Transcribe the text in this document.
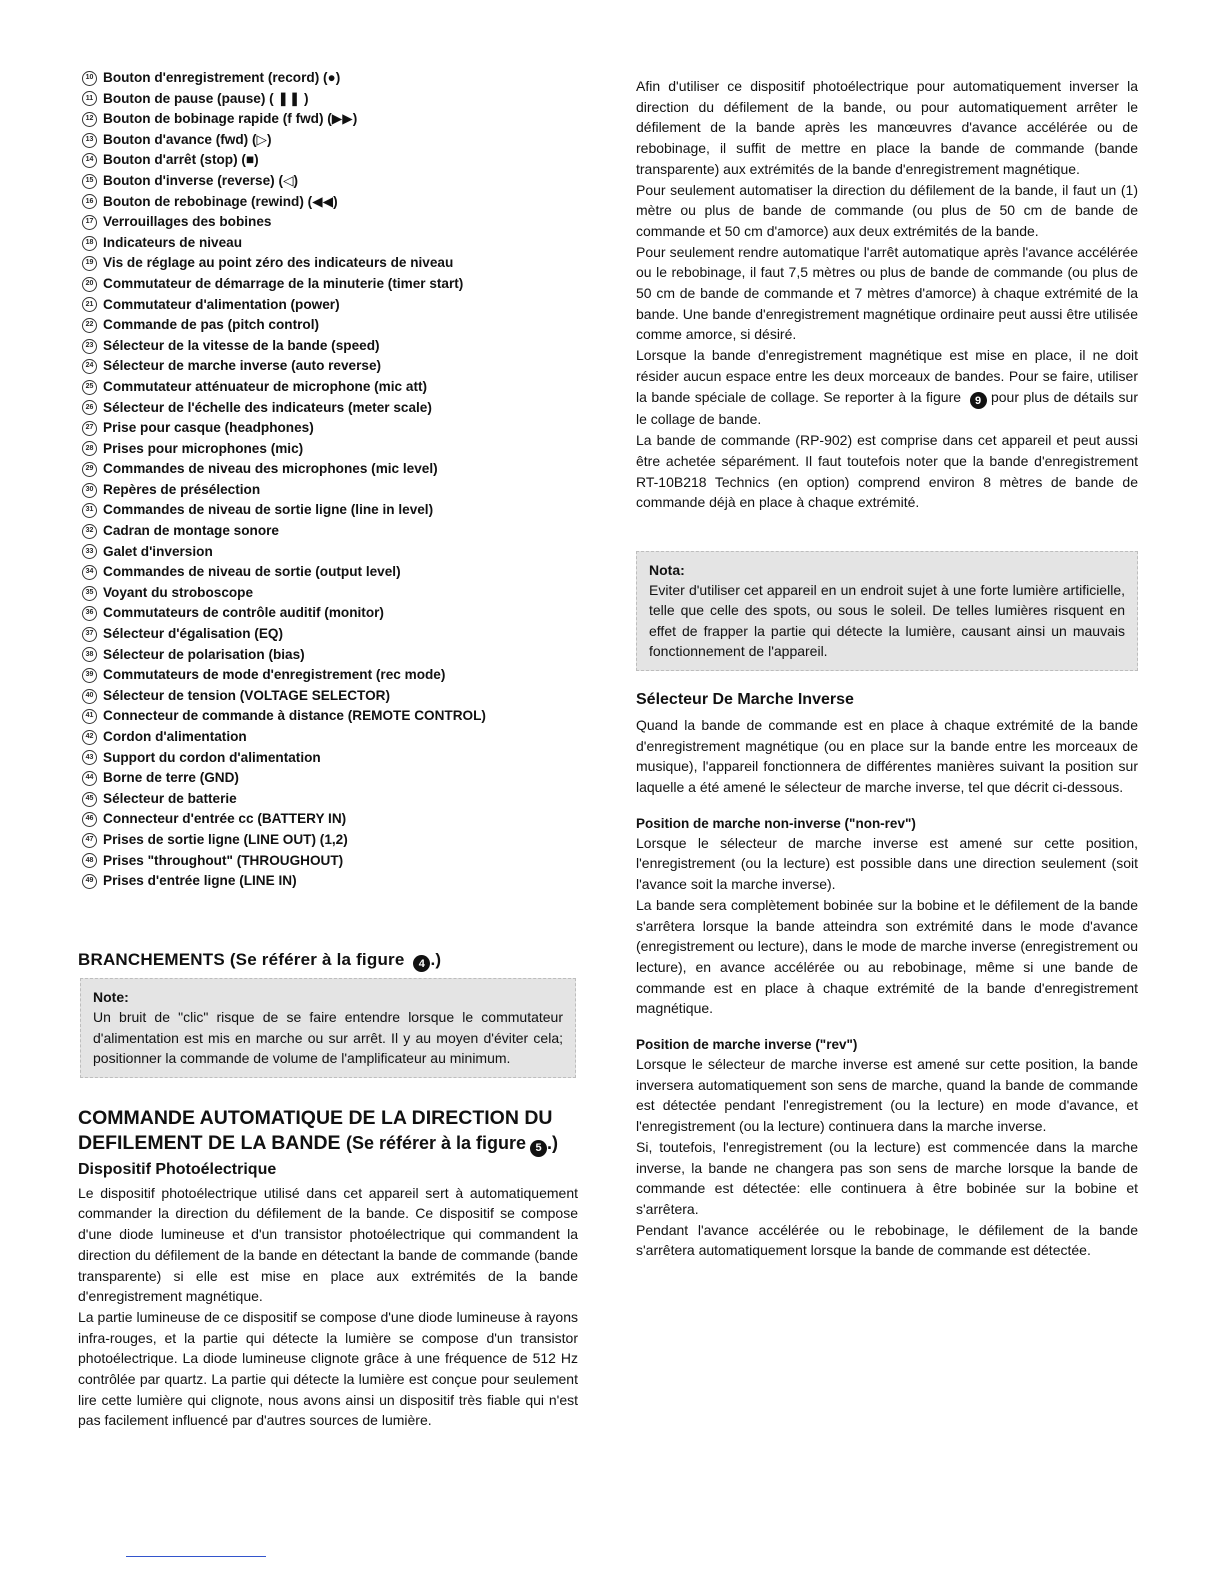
10 Bouton d'enregistrement (record) (●)
11 Bouton de pause (pause) ( ❚❚ )
12 Bouton de bobinage rapide (f fwd) (▶▶)
13 Bouton d'avance (fwd) (▷)
14 Bouton d'arrêt (stop) (■)
15 Bouton d'inverse (reverse) (◁)
16 Bouton de rebobinage (rewind) (◀◀)
17 Verrouillages des bobines
18 Indicateurs de niveau
19 Vis de réglage au point zéro des indicateurs de niveau
20 Commutateur de démarrage de la minuterie (timer start)
21 Commutateur d'alimentation (power)
22 Commande de pas (pitch control)
23 Sélecteur de la vitesse de la bande (speed)
24 Sélecteur de marche inverse (auto reverse)
25 Commutateur atténuateur de microphone (mic att)
26 Sélecteur de l'échelle des indicateurs (meter scale)
27 Prise pour casque (headphones)
28 Prises pour microphones (mic)
29 Commandes de niveau des microphones (mic level)
30 Repères de présélection
31 Commandes de niveau de sortie ligne (line in level)
32 Cadran de montage sonore
33 Galet d'inversion
34 Commandes de niveau de sortie (output level)
35 Voyant du stroboscope
36 Commutateurs de contrôle auditif (monitor)
37 Sélecteur d'égalisation (EQ)
38 Sélecteur de polarisation (bias)
39 Commutateurs de mode d'enregistrement (rec mode)
40 Sélecteur de tension (VOLTAGE SELECTOR)
41 Connecteur de commande à distance (REMOTE CONTROL)
42 Cordon d'alimentation
43 Support du cordon d'alimentation
44 Borne de terre (GND)
45 Sélecteur de batterie
46 Connecteur d'entrée cc (BATTERY IN)
47 Prises de sortie ligne (LINE OUT) (1,2)
48 Prises "throughout" (THROUGHOUT)
49 Prises d'entrée ligne (LINE IN)
BRANCHEMENTS (Se référer à la figure 4 .)
Note:

Un bruit de "clic" risque de se faire entendre lorsque le commutateur d'alimentation est mis en marche ou sur arrêt. Il y au moyen d'éviter cela; positionner la commande de volume de l'amplificateur au minimum.

COMMANDE AUTOMATIQUE DE LA DIRECTION DU DEFILEMENT DE LA BANDE (Se référer à la figure 5 .)
Dispositif Photoélectrique

Le dispositif photoélectrique utilisé dans cet appareil sert à automatiquement commander la direction du défilement de la bande. Ce dispositif se compose d'une diode lumineuse et d'un transistor photoélectrique qui commandent la direction du défilement de la bande en détectant la bande de commande (bande transparente) si elle est mise en place aux extrémités de la bande d'enregistrement magnétique.

La partie lumineuse de ce dispositif se compose d'une diode lumineuse à rayons infra-rouges, et la partie qui détecte la lumière se compose d'un transistor photoélectrique. La diode lumineuse clignote grâce à une fréquence de 512 Hz contrôlée par quartz. La partie qui détecte la lumière est conçue pour seulement lire cette lumière qui clignote, nous avons ainsi un dispositif très fiable qui n'est pas facilement influencé par d'autres sources de lumière.

Afin d'utiliser ce dispositif photoélectrique pour automatiquement inverser la direction du défilement de la bande, ou pour automatiquement arrêter le défilement de la bande après les manœuvres d'avance accélérée ou de rebobinage, il suffit de mettre en place la bande de commande (bande transparente) aux extrémités de la bande d'enregistrement magnétique.

Pour seulement automatiser la direction du défilement de la bande, il faut un (1) mètre ou plus de bande de commande (ou plus de 50 cm de bande de commande et 50 cm d'amorce) aux deux extrémités de la bande.

Pour seulement rendre automatique l'arrêt automatique après l'avance accélérée ou le rebobinage, il faut 7,5 mètres ou plus de bande de commande (ou plus de 50 cm de bande de commande et 7 mètres d'amorce) à chaque extrémité de la bande. Une bande d'enregistrement magnétique ordinaire peut aussi être utilisée comme amorce, si désiré.

Lorsque la bande d'enregistrement magnétique est mise en place, il ne doit résider aucun espace entre les deux morceaux de bandes. Pour se faire, utiliser la bande spéciale de collage. Se reporter à la figure 9 pour plus de détails sur le collage de bande.

La bande de commande (RP-902) est comprise dans cet appareil et peut aussi être achetée séparément. Il faut toutefois noter que la bande d'enregistrement RT-10B218 Technics (en option) comprend environ 8 mètres de bande de commande déjà en place à chaque extrémité.

Nota:

Eviter d'utiliser cet appareil en un endroit sujet à une forte lumière artificielle, telle que celle des spots, ou sous le soleil. De telles lumières risquent en effet de frapper la partie qui détecte la lumière, causant ainsi un mauvais fonctionnement de l'appareil.

Sélecteur De Marche Inverse

Quand la bande de commande est en place à chaque extrémité de la bande d'enregistrement magnétique (ou en place sur la bande entre les morceaux de musique), l'appareil fonctionnera de différentes manières suivant la position sur laquelle a été amené le sélecteur de marche inverse, tel que décrit ci-dessous.

Position de marche non-inverse ("non-rev")

Lorsque le sélecteur de marche inverse est amené sur cette position, l'enregistrement (ou la lecture) est possible dans une direction seulement (soit l'avance soit la marche inverse).

La bande sera complètement bobinée sur la bobine et le défilement de la bande s'arrêtera lorsque la bande atteindra son extrémité dans le mode d'avance (enregistrement ou lecture), dans le mode de marche inverse (enregistrement ou lecture), en avance accélérée ou au rebobinage, même si une bande de commande est en place à chaque extrémité de la bande d'enregistrement magnétique.

Position de marche inverse ("rev")

Lorsque le sélecteur de marche inverse est amené sur cette position, la bande inversera automatiquement son sens de marche, quand la bande de commande est détectée pendant l'enregistrement (ou la lecture) en mode d'avance, et l'enregistrement (ou la lecture) continuera dans la marche inverse.

Si, toutefois, l'enregistrement (ou la lecture) est commencée dans la marche inverse, la bande ne changera pas son sens de marche lorsque la bande de commande est détectée: elle continuera à être bobinée sur la bobine et s'arrêtera.

Pendant l'avance accélérée ou le rebobinage, le défilement de la bande s'arrêtera automatiquement lorsque la bande de commande est détectée.
